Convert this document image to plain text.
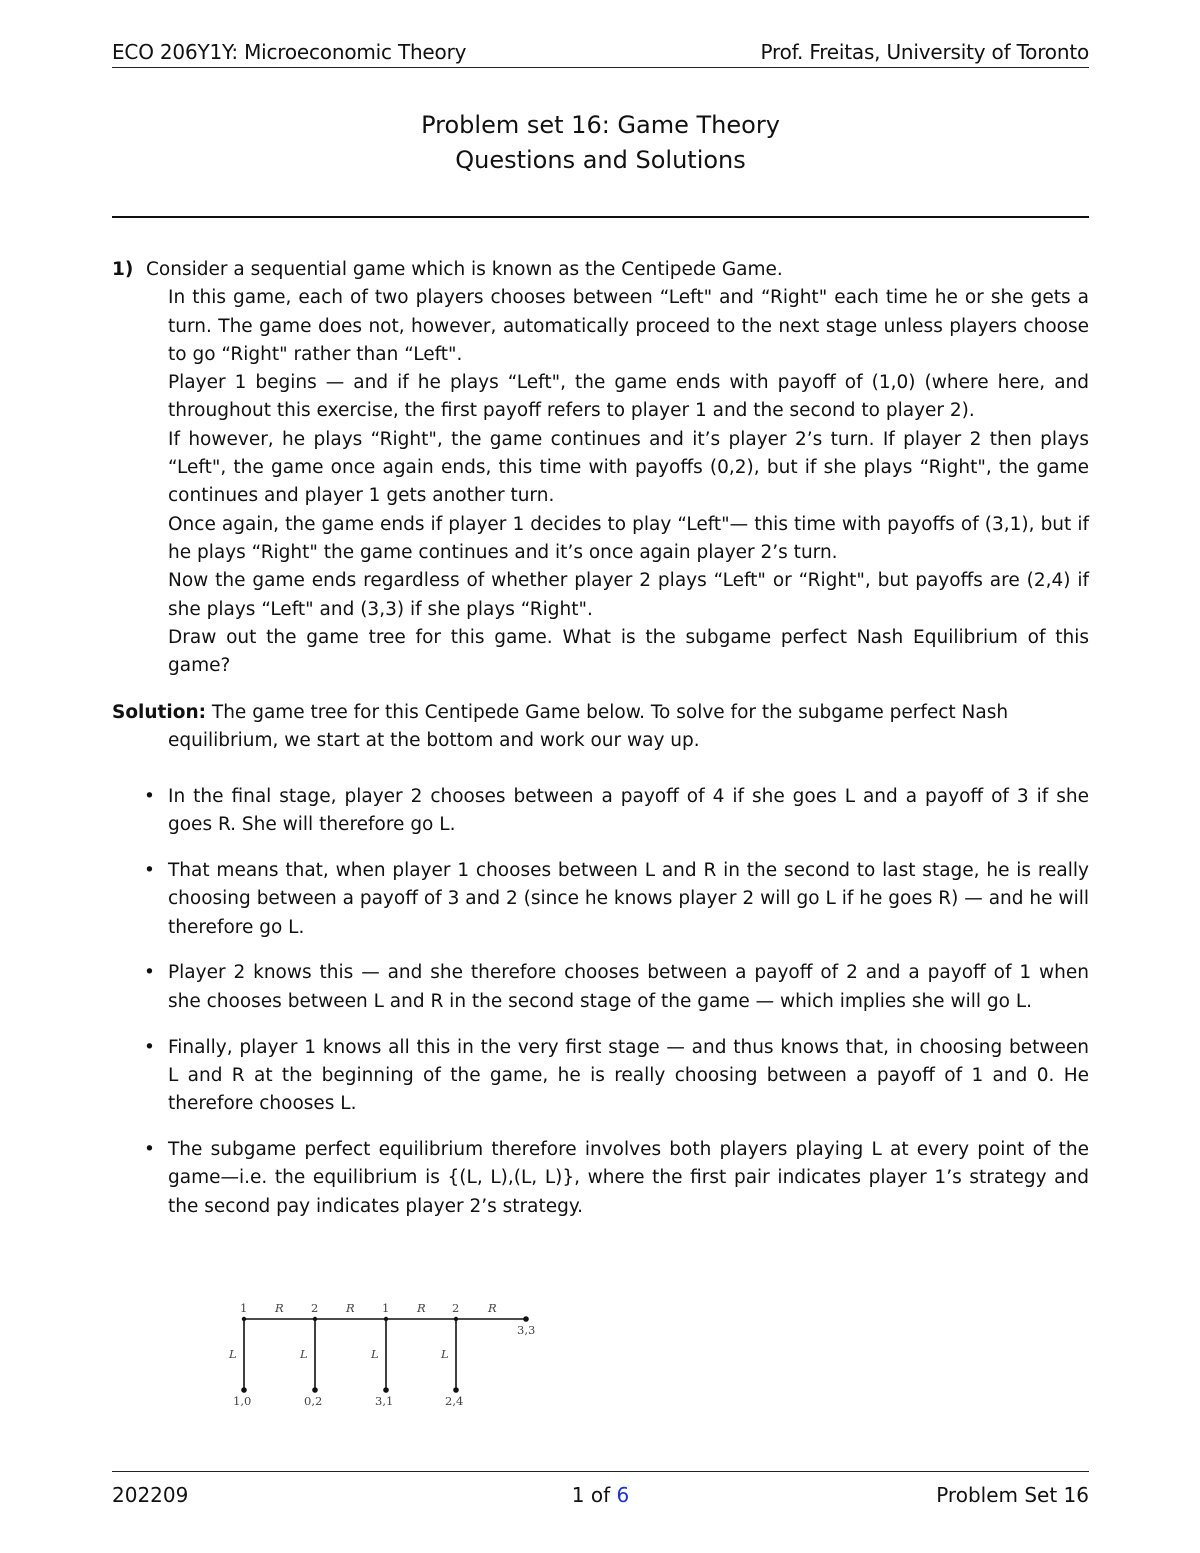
ECO 206Y1Y: Microeconomic Theory	Prof. Freitas, University of Toronto
Problem set 16: Game Theory
Questions and Solutions
1) Consider a sequential game which is known as the Centipede Game.

In this game, each of two players chooses between “Left" and “Right" each time he or she gets a turn. The game does not, however, automatically proceed to the next stage unless players choose to go “Right" rather than “Left".

Player 1 begins — and if he plays “Left", the game ends with payoff of (1,0) (where here, and throughout this exercise, the first payoff refers to player 1 and the second to player 2).

If however, he plays “Right", the game continues and it’s player 2’s turn. If player 2 then plays “Left", the game once again ends, this time with payoffs (0,2), but if she plays “Right", the game continues and player 1 gets another turn.

Once again, the game ends if player 1 decides to play “Left"— this time with payoffs of (3,1), but if he plays “Right" the game continues and it’s once again player 2’s turn.

Now the game ends regardless of whether player 2 plays “Left" or “Right", but payoffs are (2,4) if she plays “Left" and (3,3) if she plays “Right".

Draw out the game tree for this game. What is the subgame perfect Nash Equilibrium of this game?

Solution: The game tree for this Centipede Game below. To solve for the subgame perfect Nash
equilibrium, we start at the bottom and work our way up.
• In the final stage, player 2 chooses between a payoff of 4 if she goes L and a payoff of 3 if she goes R. She will therefore go L.
• That means that, when player 1 chooses between L and R in the second to last stage, he is really choosing between a payoff of 3 and 2 (since he knows player 2 will go L if he goes R) — and he will therefore go L.
• Player 2 knows this — and she therefore chooses between a payoff of 2 and a payoff of 1 when she chooses between L and R in the second stage of the game — which implies she will go L.
• Finally, player 1 knows all this in the very first stage — and thus knows that, in choosing between L and R at the beginning of the game, he is really choosing between a payoff of 1 and 0. He therefore chooses L.
• The subgame perfect equilibrium therefore involves both players playing L at every point of the game—i.e. the equilibrium is {(L, L),(L, L)}, where the first pair indicates player 1’s strategy and the second pay indicates player 2’s strategy.
202209	1 of 6	Problem Set 16
1	2	1	2
R	R	R	R
L	L	L	L
3,3
1,0	0,2	3,1	2,4
